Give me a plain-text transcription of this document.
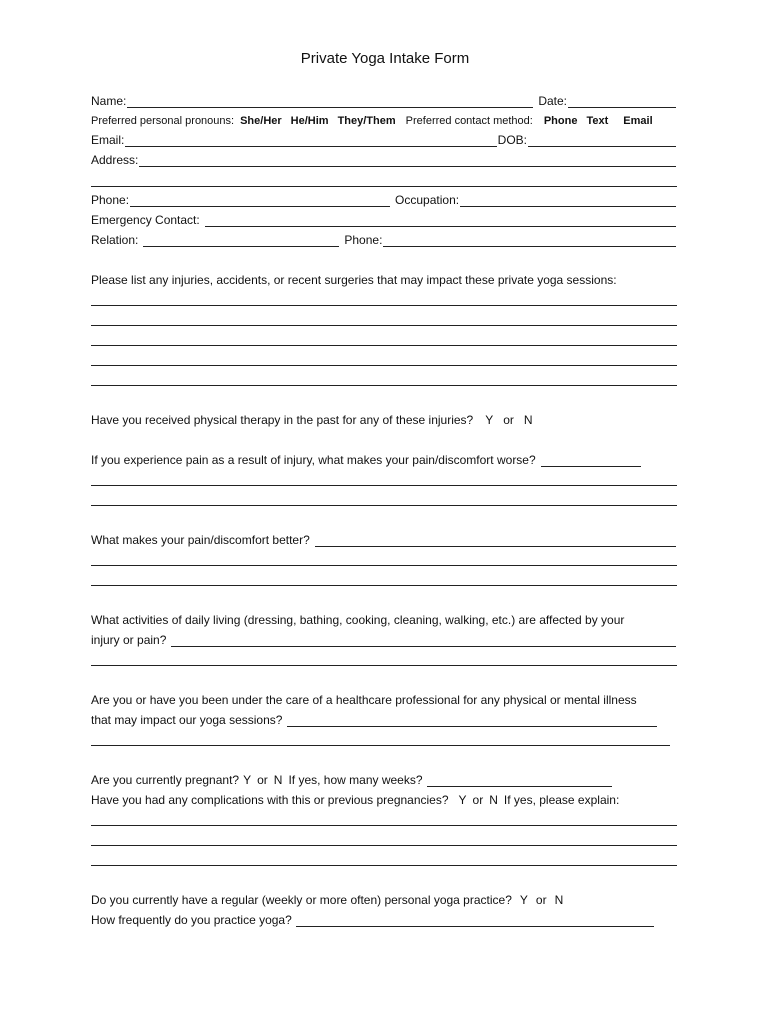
Private Yoga Intake Form
Name:	Date:
Preferred personal pronouns: She/Her He/Him They/Them Preferred contact method: Phone Text Email
Email:	DOB:
Address:
Phone:	Occupation:
Emergency Contact:
Relation:	Phone:
Please list any injuries, accidents, or recent surgeries that may impact these private yoga sessions:
Have you received physical therapy in the past for any of these injuries? Y or N
If you experience pain as a result of injury, what makes your pain/discomfort worse?
What makes your pain/discomfort better?
What activities of daily living (dressing, bathing, cooking, cleaning, walking, etc.) are affected by your
injury or pain?
Are you or have you been under the care of a healthcare professional for any physical or mental illness
that may impact our yoga sessions?
Are you currently pregnant? Y or N If yes, how many weeks?
Have you had any complications with this or previous pregnancies? Y or N If yes, please explain:
Do you currently have a regular (weekly or more often) personal yoga practice? Y or N
How frequently do you practice yoga?
